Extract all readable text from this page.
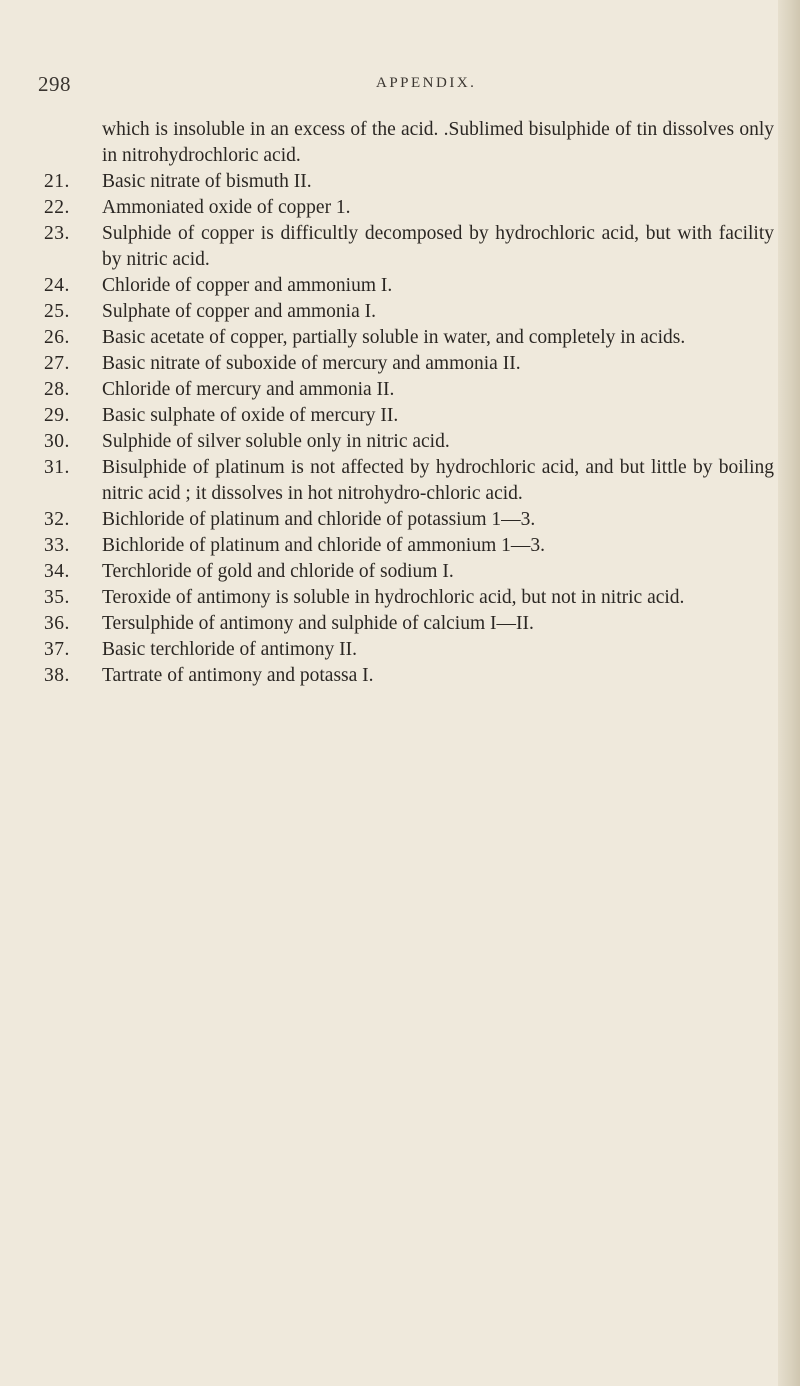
298	APPENDIX.

which is insoluble in an excess of the acid. .Sublimed bisulphide of tin dissolves only in nitrohydrochloric acid.

21.	Basic nitrate of bismuth II.

22.	Ammoniated oxide of copper 1.

23.	Sulphide of copper is difficultly decomposed by hydrochloric acid, but with facility by nitric acid.

24.	Chloride of copper and ammonium I.

25.	Sulphate of copper and ammonia I.

26.	Basic acetate of copper, partially soluble in water, and completely in acids.

27.	Basic nitrate of suboxide of mercury and ammonia II.

28.	Chloride of mercury and ammonia II.

29.	Basic sulphate of oxide of mercury II.

30.	Sulphide of silver soluble only in nitric acid.

31.	Bisulphide of platinum is not affected by hydrochloric acid, and but little by boiling nitric acid ; it dissolves in hot nitrohydro-chloric acid.

32.	Bichloride of platinum and chloride of potassium 1—3.

33.	Bichloride of platinum and chloride of ammonium 1—3.

34.	Terchloride of gold and chloride of sodium I.

35.	Teroxide of antimony is soluble in hydrochloric acid, but not in nitric acid.

36.	Tersulphide of antimony and sulphide of calcium I—II.

37.	Basic terchloride of antimony II.

38.	Tartrate of antimony and potassa I.
